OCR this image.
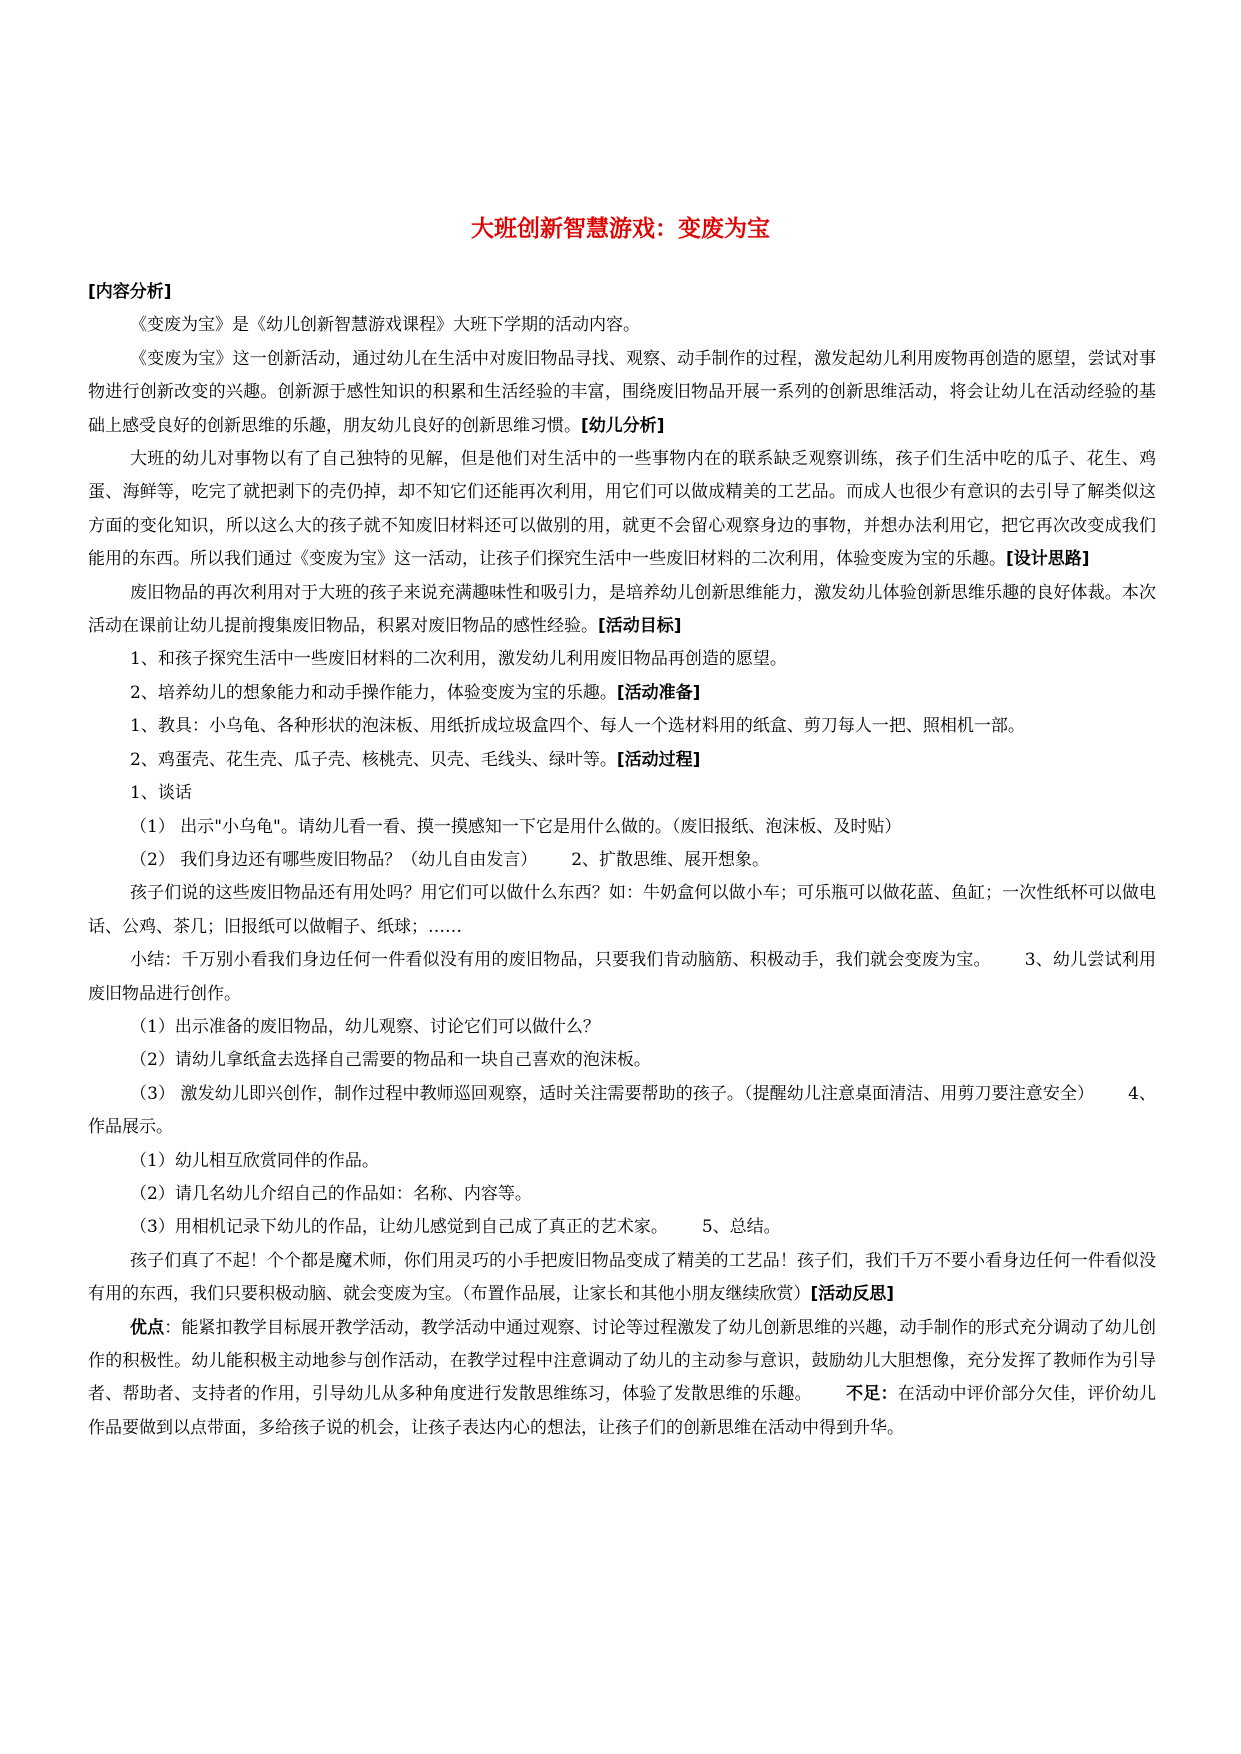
大班创新智慧游戏：变废为宝

[内容分析]

《变废为宝》是《幼儿创新智慧游戏课程》大班下学期的活动内容。

《变废为宝》这一创新活动，通过幼儿在生活中对废旧物品寻找、观察、动手制作的过程，激发起幼儿利用废物再创造的愿望，尝试对事物进行创新改变的兴趣。创新源于感性知识的积累和生活经验的丰富，围绕废旧物品开展一系列的创新思维活动，将会让幼儿在活动经验的基础上感受良好的创新思维的乐趣，朋友幼儿良好的创新思维习惯。[幼儿分析]

大班的幼儿对事物以有了自己独特的见解，但是他们对生活中的一些事物内在的联系缺乏观察训练，孩子们生活中吃的瓜子、花生、鸡蛋、海鲜等，吃完了就把剥下的壳仍掉，却不知它们还能再次利用，用它们可以做成精美的工艺品。而成人也很少有意识的去引导了解类似这方面的变化知识，所以这么大的孩子就不知废旧材料还可以做别的用，就更不会留心观察身边的事物，并想办法利用它，把它再次改变成我们能用的东西。所以我们通过《变废为宝》这一活动，让孩子们探究生活中一些废旧材料的二次利用，体验变废为宝的乐趣。[设计思路]

废旧物品的再次利用对于大班的孩子来说充满趣味性和吸引力，是培养幼儿创新思维能力，激发幼儿体验创新思维乐趣的良好体裁。本次活动在课前让幼儿提前搜集废旧物品，积累对废旧物品的感性经验。[活动目标]

1、和孩子探究生活中一些废旧材料的二次利用，激发幼儿利用废旧物品再创造的愿望。

2、培养幼儿的想象能力和动手操作能力，体验变废为宝的乐趣。[活动准备]

1、教具：小乌龟、各种形状的泡沫板、用纸折成垃圾盒四个、每人一个选材料用的纸盒、剪刀每人一把、照相机一部。

2、鸡蛋壳、花生壳、瓜子壳、核桃壳、贝壳、毛线头、绿叶等。[活动过程]

1、谈话

（1） 出示"小乌龟"。请幼儿看一看、摸一摸感知一下它是用什么做的。（废旧报纸、泡沫板、及时贴）

（2） 我们身边还有哪些废旧物品？（幼儿自由发言） 2、扩散思维、展开想象。

孩子们说的这些废旧物品还有用处吗？用它们可以做什么东西？如：牛奶盒何以做小车；可乐瓶可以做花蓝、鱼缸；一次性纸杯可以做电话、公鸡、茶几；旧报纸可以做帽子、纸球；……

小结：千万别小看我们身边任何一件看似没有用的废旧物品，只要我们肯动脑筋、积极动手，我们就会变废为宝。 3、幼儿尝试利用废旧物品进行创作。

（1）出示准备的废旧物品，幼儿观察、讨论它们可以做什么？

（2）请幼儿拿纸盒去选择自己需要的物品和一块自己喜欢的泡沫板。

（3） 激发幼儿即兴创作，制作过程中教师巡回观察，适时关注需要帮助的孩子。（提醒幼儿注意桌面清洁、用剪刀要注意安全） 4、作品展示。

（1）幼儿相互欣赏同伴的作品。

（2）请几名幼儿介绍自己的作品如：名称、内容等。

（3）用相机记录下幼儿的作品，让幼儿感觉到自己成了真正的艺术家。 5、总结。

孩子们真了不起！个个都是魔术师，你们用灵巧的小手把废旧物品变成了精美的工艺品！孩子们，我们千万不要小看身边任何一件看似没有用的东西，我们只要积极动脑、就会变废为宝。（布置作品展，让家长和其他小朋友继续欣赏）[活动反思]

优点：能紧扣教学目标展开教学活动，教学活动中通过观察、讨论等过程激发了幼儿创新思维的兴趣，动手制作的形式充分调动了幼儿创作的积极性。幼儿能积极主动地参与创作活动，在教学过程中注意调动了幼儿的主动参与意识，鼓励幼儿大胆想像，充分发挥了教师作为引导者、帮助者、支持者的作用，引导幼儿从多种角度进行发散思维练习，体验了发散思维的乐趣。 不足：在活动中评价部分欠佳，评价幼儿作品要做到以点带面，多给孩子说的机会，让孩子表达内心的想法，让孩子们的创新思维在活动中得到升华。
